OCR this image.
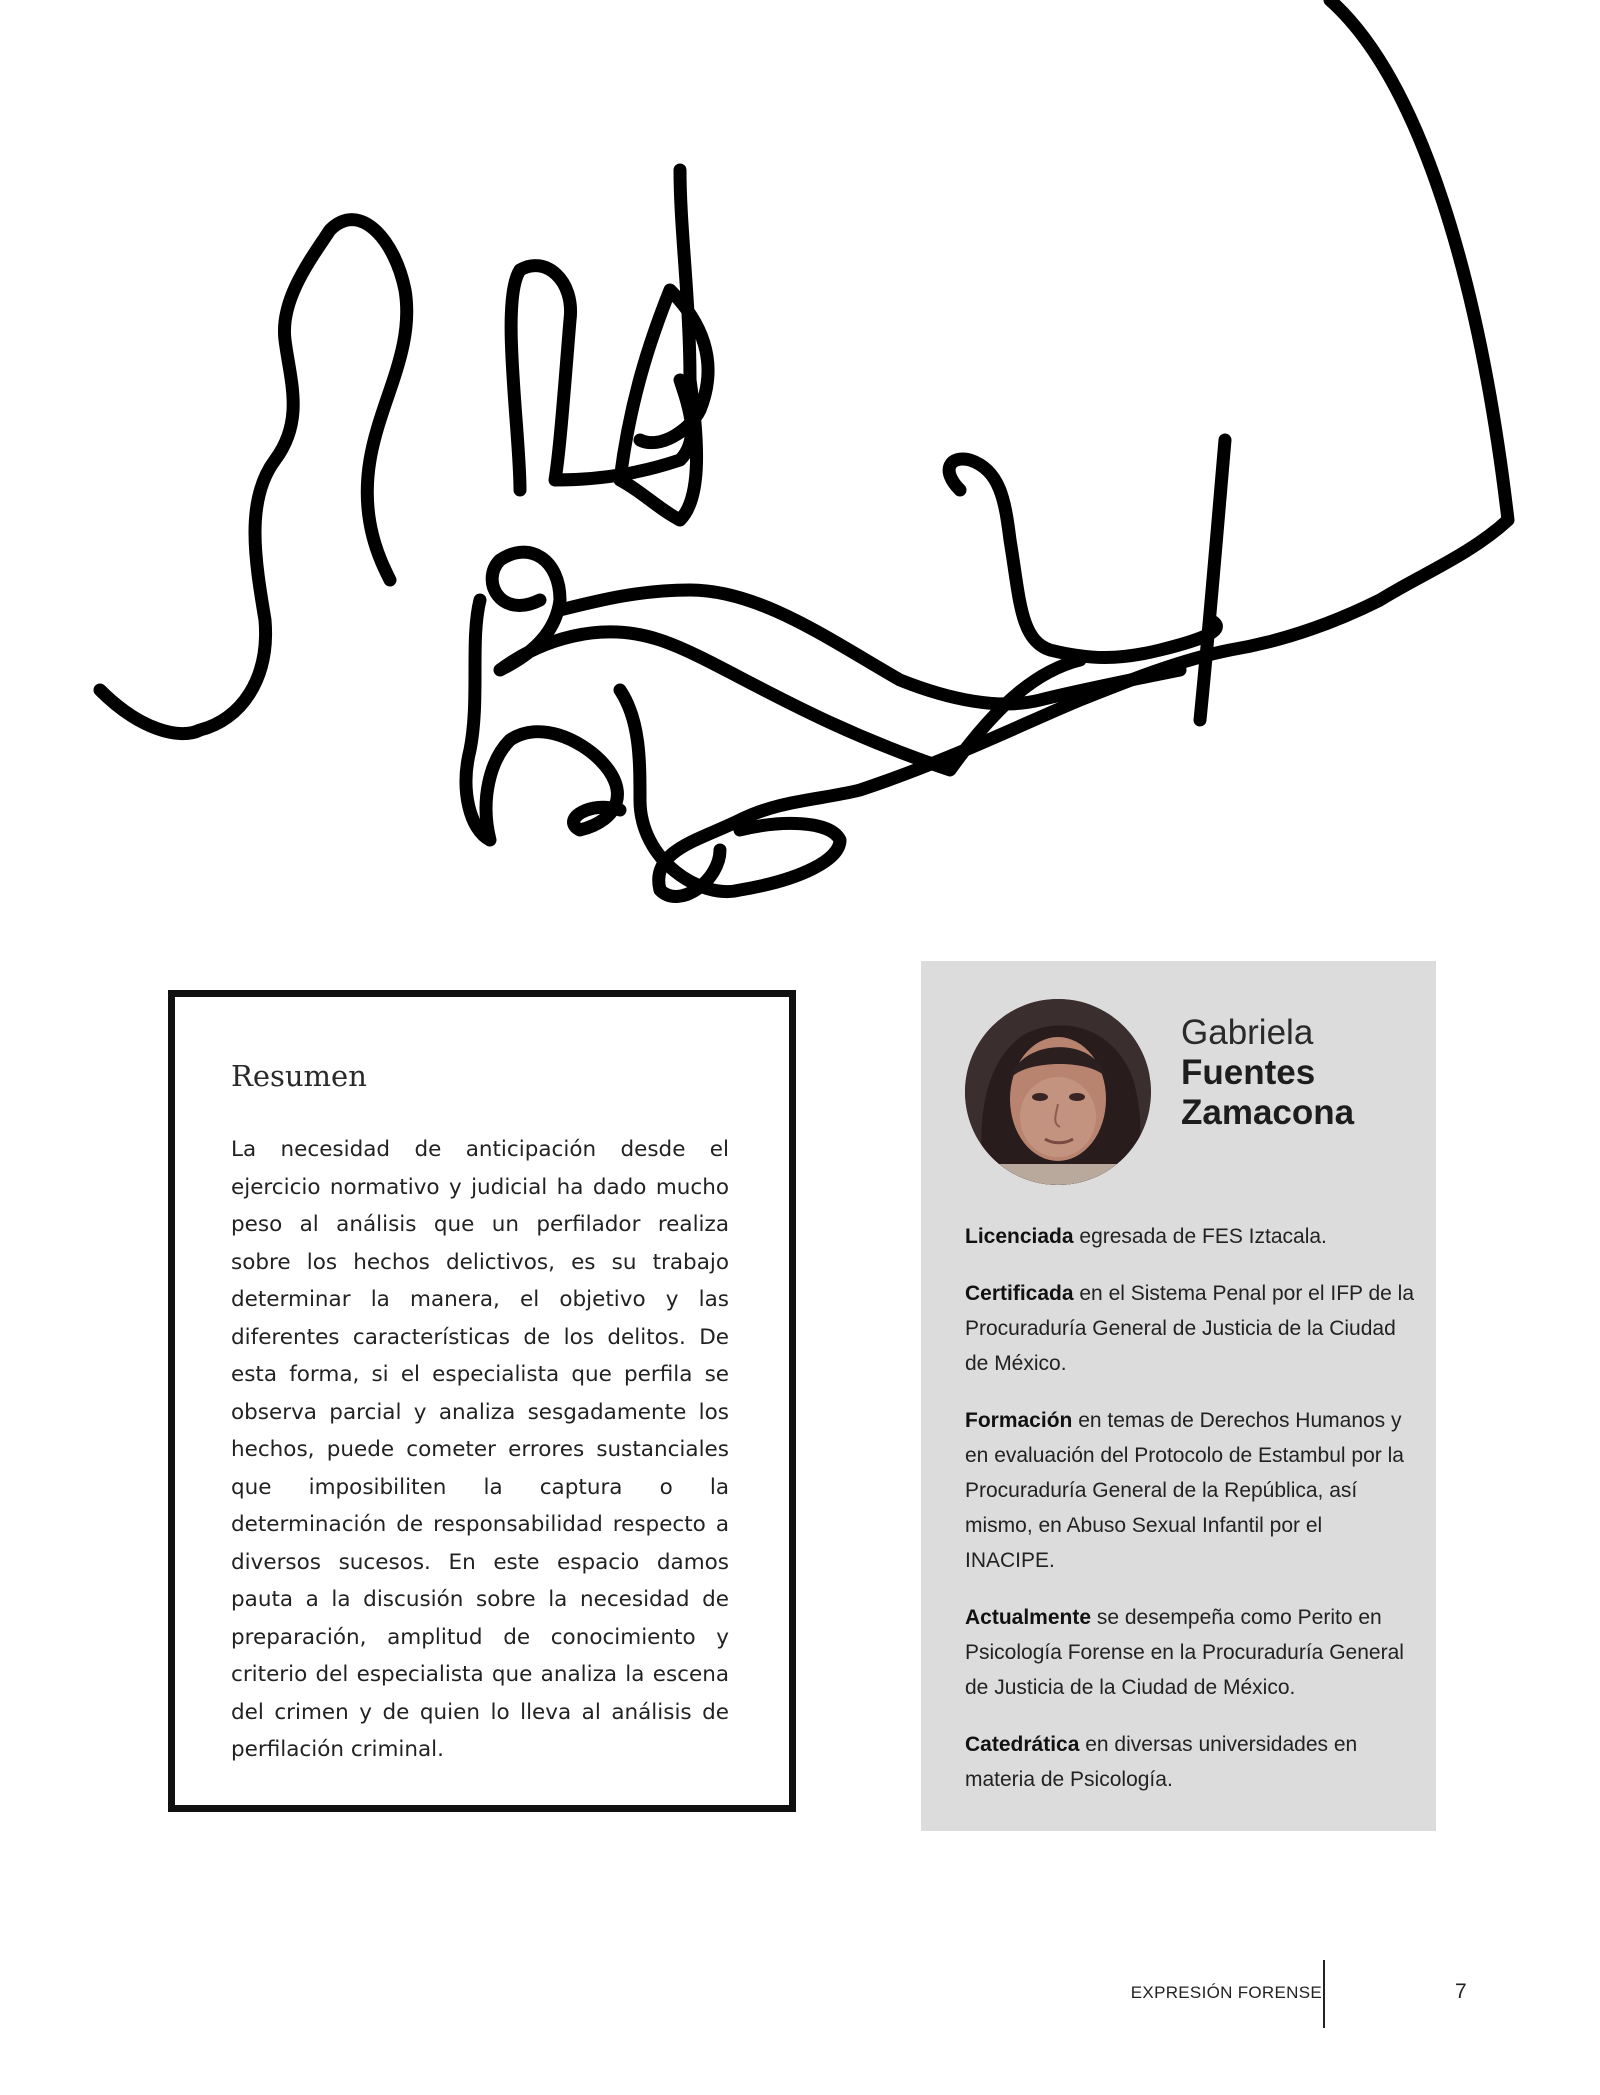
Resumen

La necesidad de anticipación desde el ejercicio normativo y judicial ha dado mucho peso al análisis que un perfilador realiza sobre los hechos delictivos, es su trabajo determinar la manera, el objetivo y las diferentes características de los delitos. De esta forma, si el especialista que perfila se observa parcial y analiza sesgadamente los hechos, puede cometer errores sustanciales que imposibiliten la captura o la determinación de responsabilidad respecto a diversos sucesos. En este espacio damos pauta a la discusión sobre la necesidad de preparación, amplitud de conocimiento y criterio del especialista que analiza la escena del crimen y de quien lo lleva al análisis de perfilación criminal.

Gabriela
Fuentes
Zamacona
Licenciada egresada de FES Iztacala.
Certificada en el Sistema Penal por el IFP de la Procuraduría General de Justicia de la Ciudad de México.
Formación en temas de Derechos Humanos y en evaluación del Protocolo de Estambul por la Procuraduría General de la República, así mismo, en Abuso Sexual Infantil por el INACIPE.
Actualmente se desempeña como Perito en Psicología Forense en la Procuraduría General de Justicia de la Ciudad de México.
Catedrática en diversas universidades en materia de Psicología.
EXPRESIÓN FORENSE	7
